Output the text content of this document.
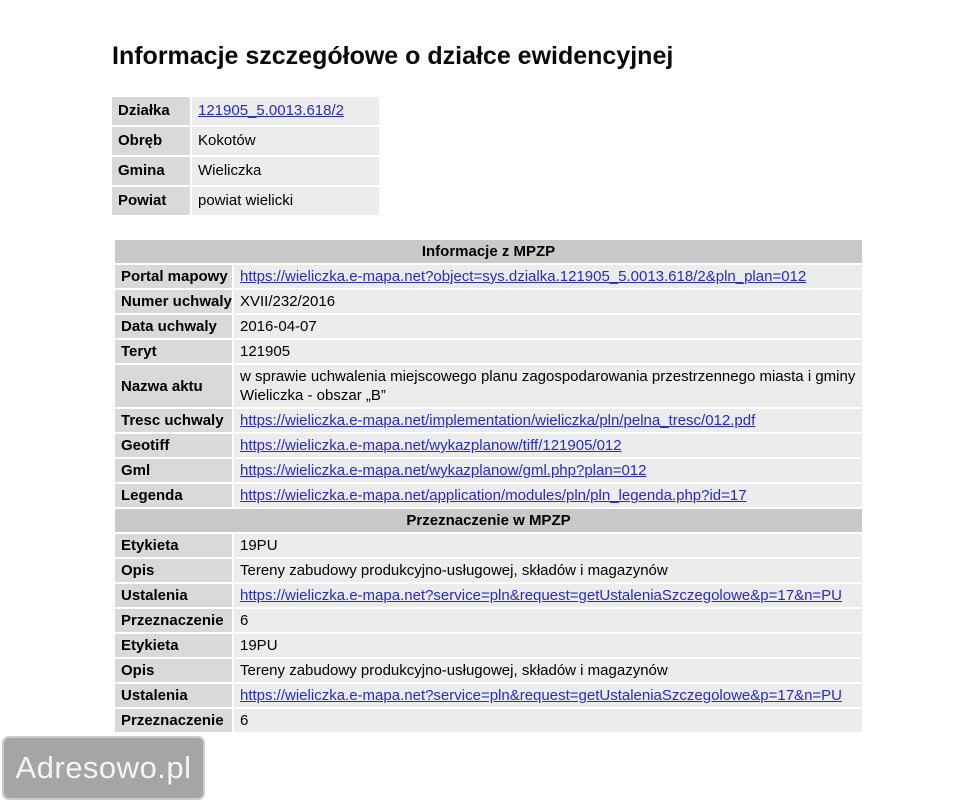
Informacje szczegółowe o działce ewidencyjnej
Działka	121905_5.0013.618/2
Obręb	Kokotów
Gmina	Wieliczka
Powiat	powiat wielicki
Informacje z MPZP	
Portal mapowy	https://wieliczka.e-mapa.net?object=sys.dzialka.121905_5.0013.618/2&pln_plan=012
Numer uchwaly	XVII/232/2016
Data uchwaly	2016-04-07
Teryt	121905
Nazwa aktu	w sprawie uchwalenia miejscowego planu zagospodarowania przestrzennego miasta i gminy Wieliczka - obszar „B”
Tresc uchwaly	https://wieliczka.e-mapa.net/implementation/wieliczka/pln/pelna_tresc/012.pdf
Geotiff	https://wieliczka.e-mapa.net/wykazplanow/tiff/121905/012
Gml	https://wieliczka.e-mapa.net/wykazplanow/gml.php?plan=012
Legenda	https://wieliczka.e-mapa.net/application/modules/pln/pln_legenda.php?id=17
Przeznaczenie w MPZP	
Etykieta	19PU
Opis	Tereny zabudowy produkcyjno-usługowej, składów i magazynów
Ustalenia	https://wieliczka.e-mapa.net?service=pln&request=getUstaleniaSzczegolowe&p=17&n=PU
Przeznaczenie	6
Etykieta	19PU
Opis	Tereny zabudowy produkcyjno-usługowej, składów i magazynów
Ustalenia	https://wieliczka.e-mapa.net?service=pln&request=getUstaleniaSzczegolowe&p=17&n=PU
Przeznaczenie	6
Adresowo.pl
